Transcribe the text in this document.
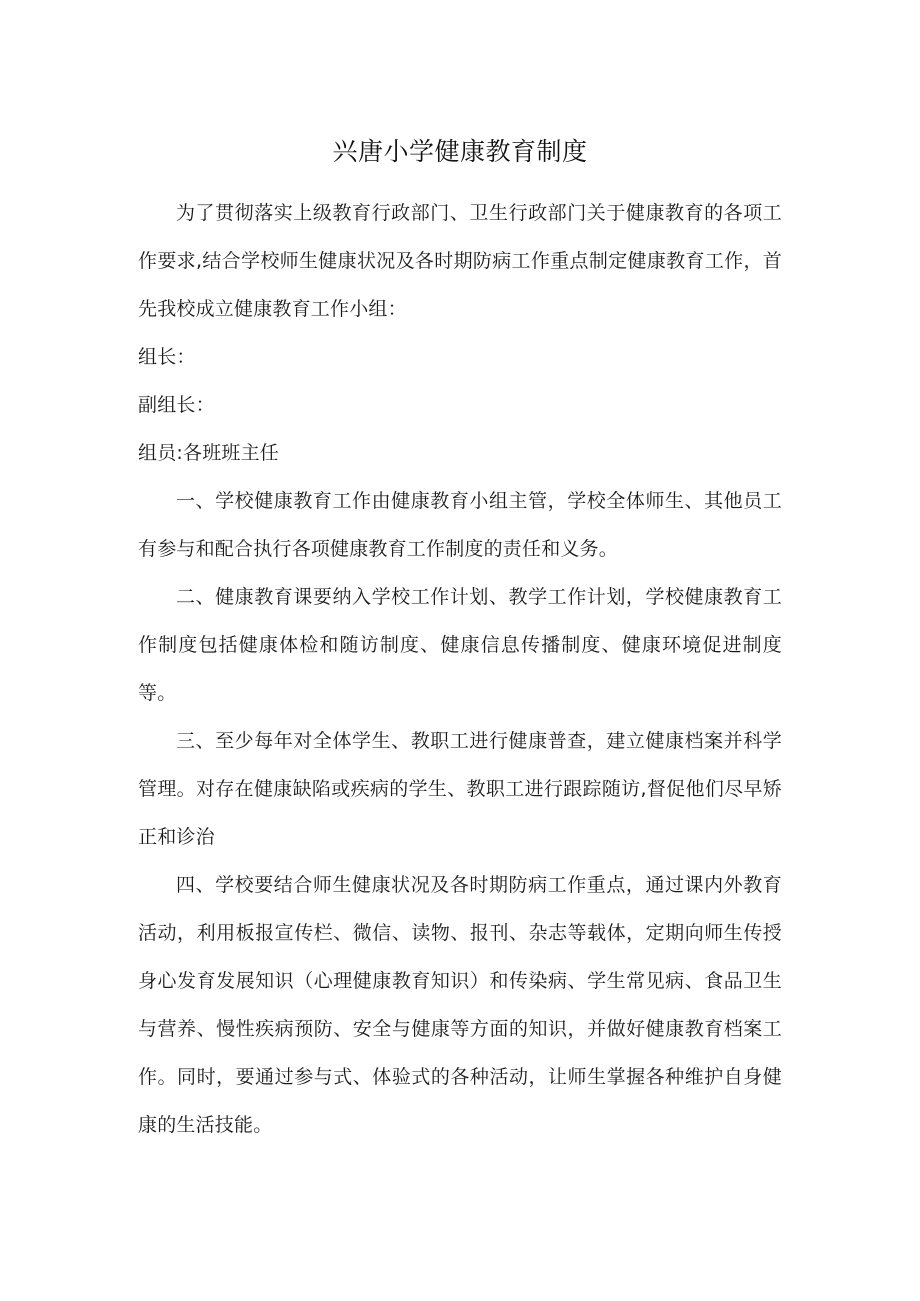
兴唐小学健康教育制度

为了贯彻落实上级教育行政部门、卫生行政部门关于健康教育的各项工作要求,结合学校师生健康状况及各时期防病工作重点制定健康教育工作，首先我校成立健康教育工作小组：

组长：

副组长：

组员:各班班主任

一、学校健康教育工作由健康教育小组主管，学校全体师生、其他员工有参与和配合执行各项健康教育工作制度的责任和义务。

二、健康教育课要纳入学校工作计划、教学工作计划，学校健康教育工作制度包括健康体检和随访制度、健康信息传播制度、健康环境促进制度等。

三、至少每年对全体学生、教职工进行健康普查，建立健康档案并科学管理。对存在健康缺陷或疾病的学生、教职工进行跟踪随访,督促他们尽早矫正和诊治

四、学校要结合师生健康状况及各时期防病工作重点，通过课内外教育活动，利用板报宣传栏、微信、读物、报刊、杂志等载体，定期向师生传授身心发育发展知识（心理健康教育知识）和传染病、学生常见病、食品卫生与营养、慢性疾病预防、安全与健康等方面的知识，并做好健康教育档案工作。同时，要通过参与式、体验式的各种活动，让师生掌握各种维护自身健康的生活技能。
